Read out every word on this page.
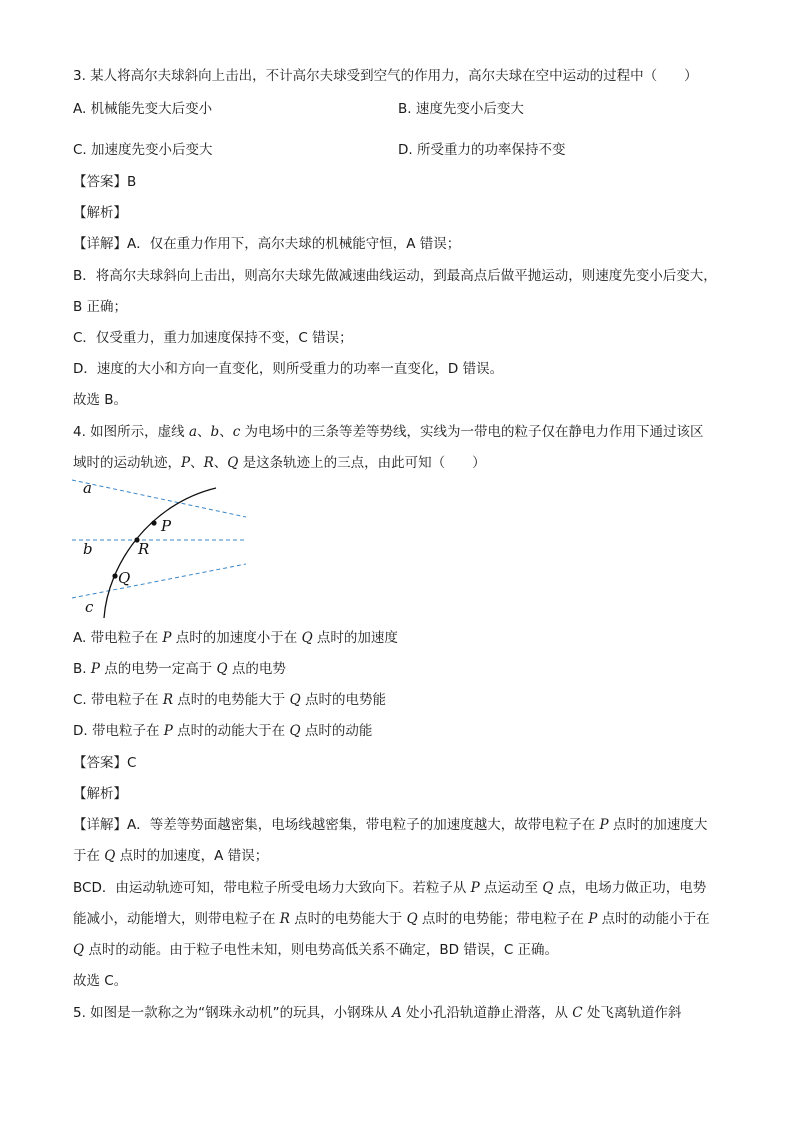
3. 某人将高尔夫球斜向上击出，不计高尔夫球受到空气的作用力，高尔夫球在空中运动的过程中（　　）
A. 机械能先变大后变小	B. 速度先变小后变大
C. 加速度先变小后变大	D. 所受重力的功率保持不变
【答案】B
【解析】
【详解】A．仅在重力作用下，高尔夫球的机械能守恒，A 错误；
B．将高尔夫球斜向上击出，则高尔夫球先做减速曲线运动，到最高点后做平抛运动，则速度先变小后变大，
B 正确；
C．仅受重力，重力加速度保持不变，C 错误；
D．速度的大小和方向一直变化，则所受重力的功率一直变化，D 错误。
故选 B。
4. 如图所示，虚线 a、b、c 为电场中的三条等差等势线，实线为一带电的粒子仅在静电力作用下通过该区
域时的运动轨迹，P、R、Q 是这条轨迹上的三点，由此可知（　　）
a
b
c
P
R
Q
A. 带电粒子在 P 点时的加速度小于在 Q 点时的加速度
B. P 点的电势一定高于 Q 点的电势
C. 带电粒子在 R 点时的电势能大于 Q 点时的电势能
D. 带电粒子在 P 点时的动能大于在 Q 点时的动能
【答案】C
【解析】
【详解】A．等差等势面越密集，电场线越密集，带电粒子的加速度越大，故带电粒子在 P 点时的加速度大
于在 Q 点时的加速度，A 错误；
BCD．由运动轨迹可知，带电粒子所受电场力大致向下。若粒子从 P 点运动至 Q 点，电场力做正功，电势
能减小，动能增大，则带电粒子在 R 点时的电势能大于 Q 点时的电势能；带电粒子在 P 点时的动能小于在
Q 点时的动能。由于粒子电性未知，则电势高低关系不确定，BD 错误，C 正确。
故选 C。
5. 如图是一款称之为“钢珠永动机”的玩具，小钢珠从 A 处小孔沿轨道静止滑落，从 C 处飞离轨道作斜
